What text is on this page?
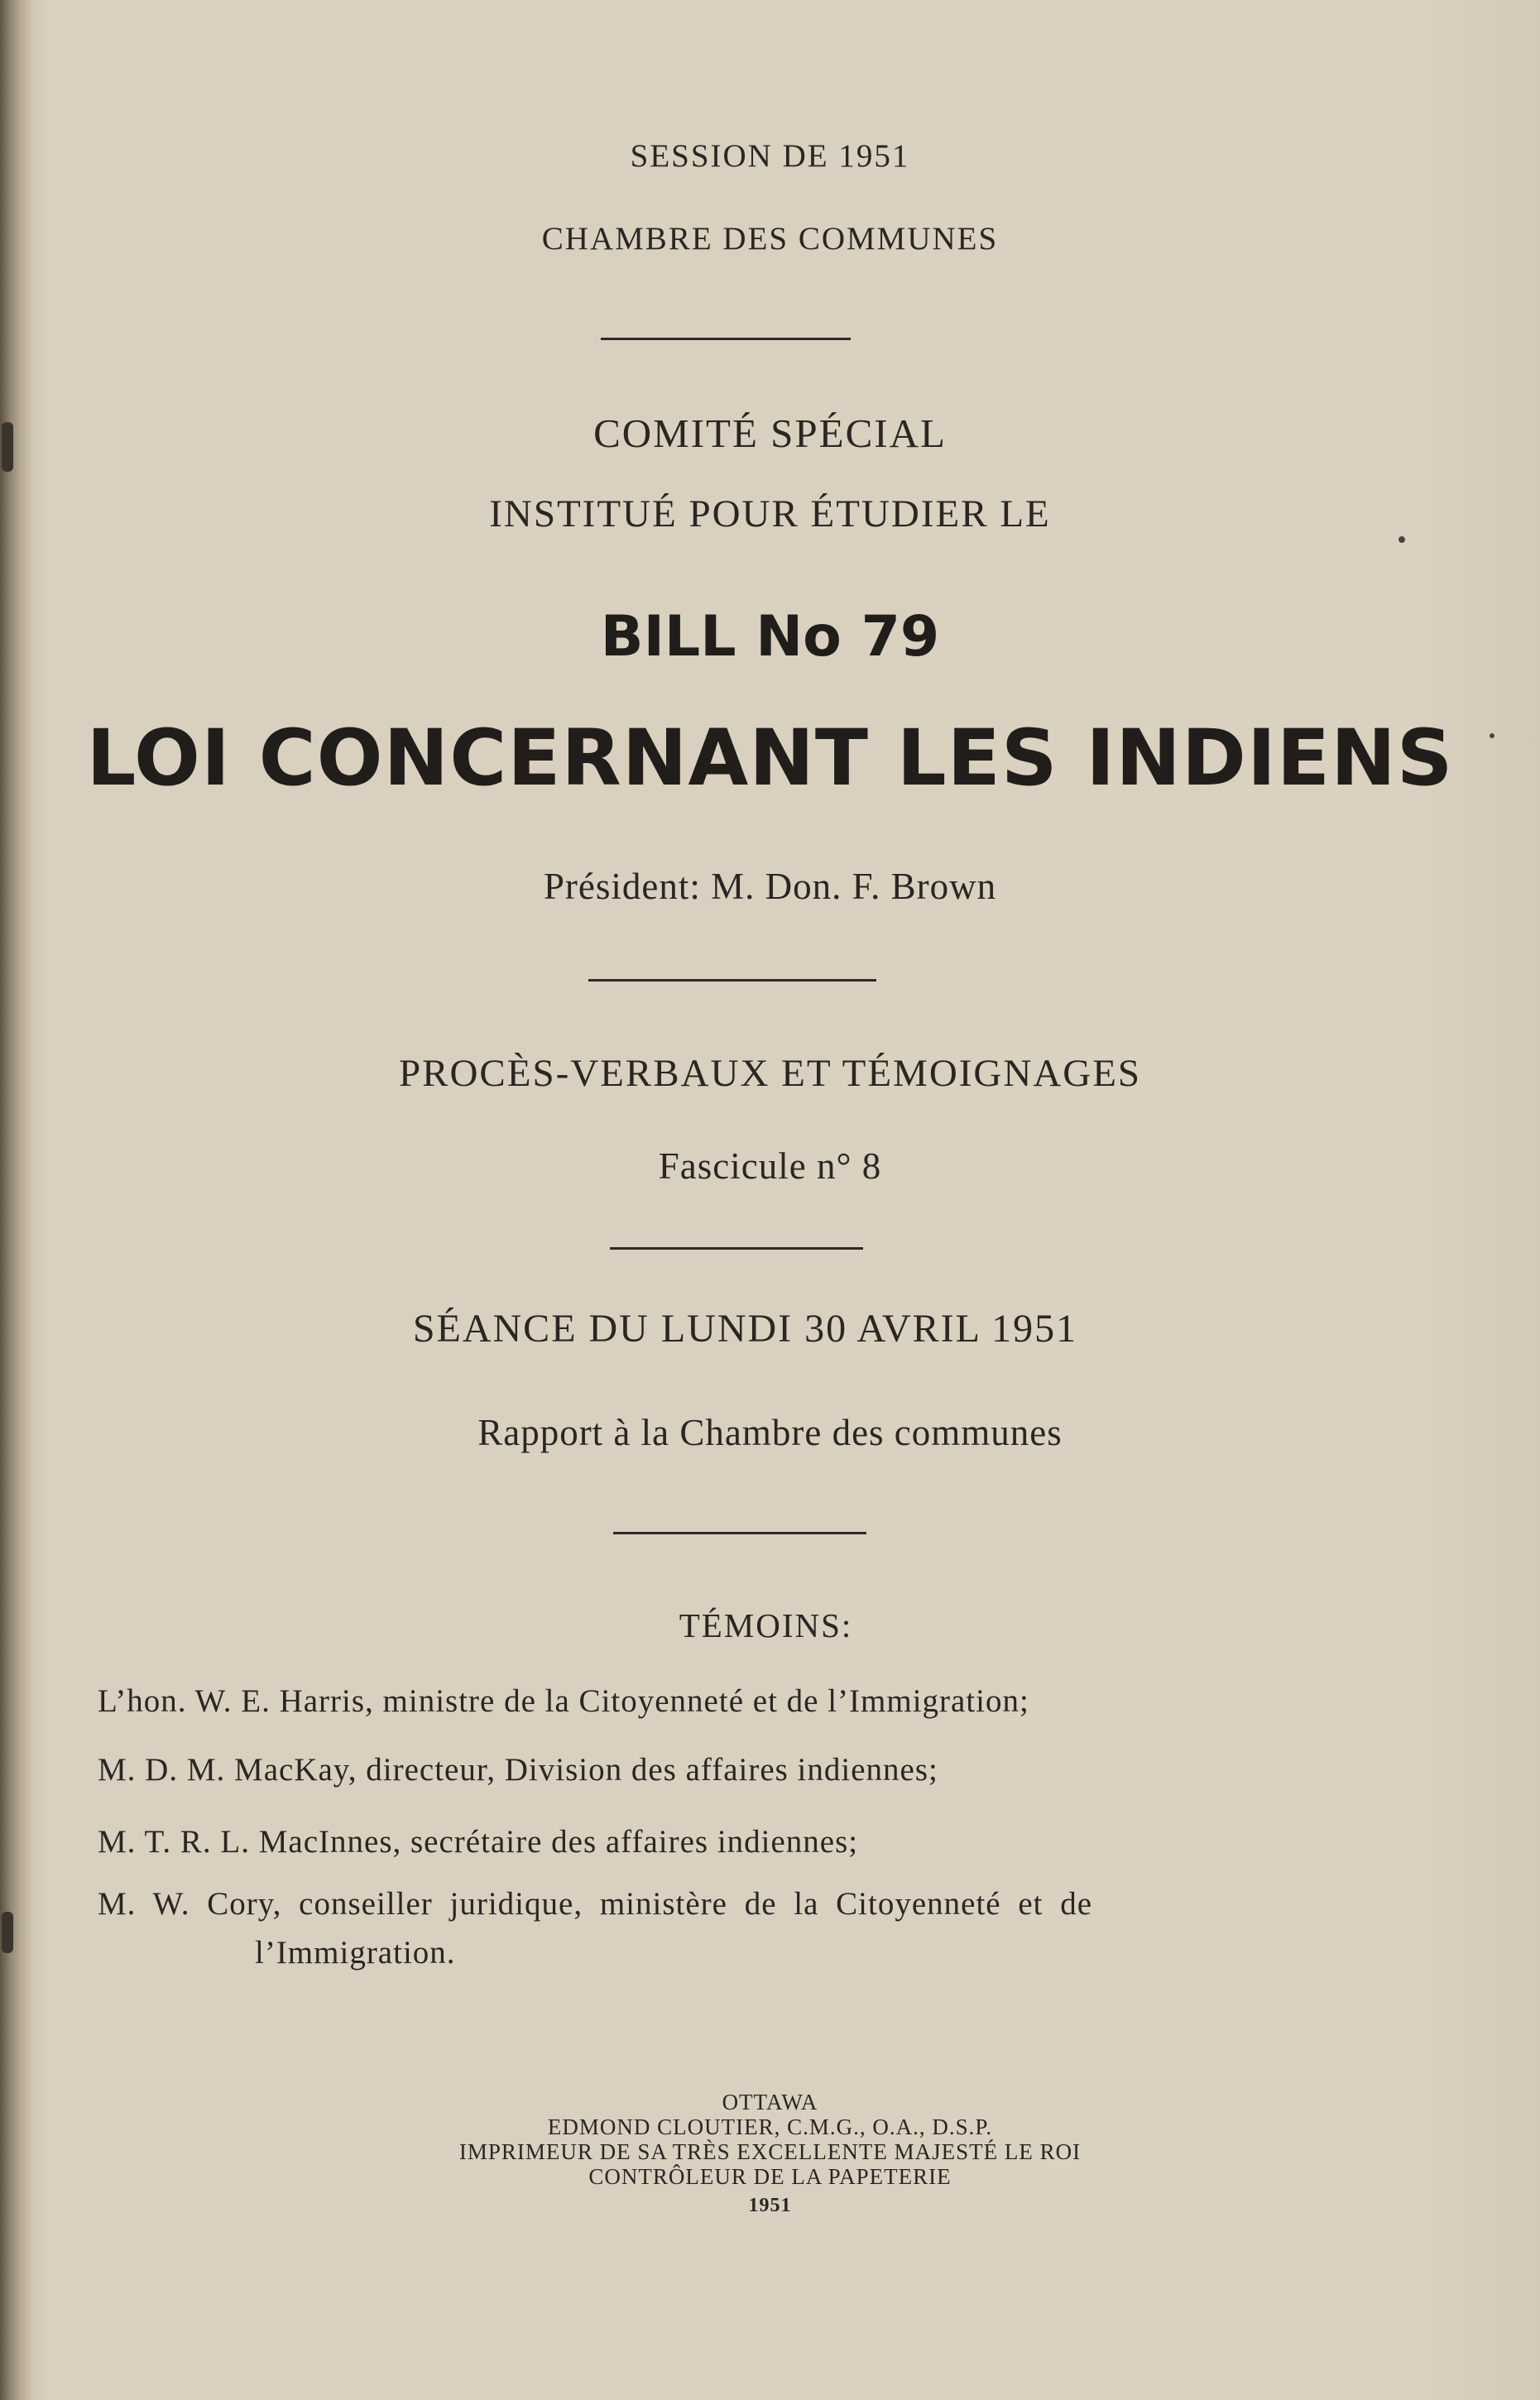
SESSION DE 1951
CHAMBRE DES COMMUNES
COMITÉ SPÉCIAL
INSTITUÉ POUR ÉTUDIER LE
BILL No 79
LOI CONCERNANT LES INDIENS
Président: M. Don. F. Brown
PROCÈS-VERBAUX ET TÉMOIGNAGES
Fascicule n° 8
SÉANCE DU LUNDI 30 AVRIL 1951
Rapport à la Chambre des communes
TÉMOINS:
L’hon. W. E. Harris, ministre de la Citoyenneté et de l’Immigration;
M. D. M. MacKay, directeur, Division des affaires indiennes;
M. T. R. L. MacInnes, secrétaire des affaires indiennes;
M. W. Cory, conseiller juridique, ministère de la Citoyenneté et de
l’Immigration.
OTTAWA
EDMOND CLOUTIER, C.M.G., O.A., D.S.P.
IMPRIMEUR DE SA TRÈS EXCELLENTE MAJESTÉ LE ROI
CONTRÔLEUR DE LA PAPETERIE
1951
